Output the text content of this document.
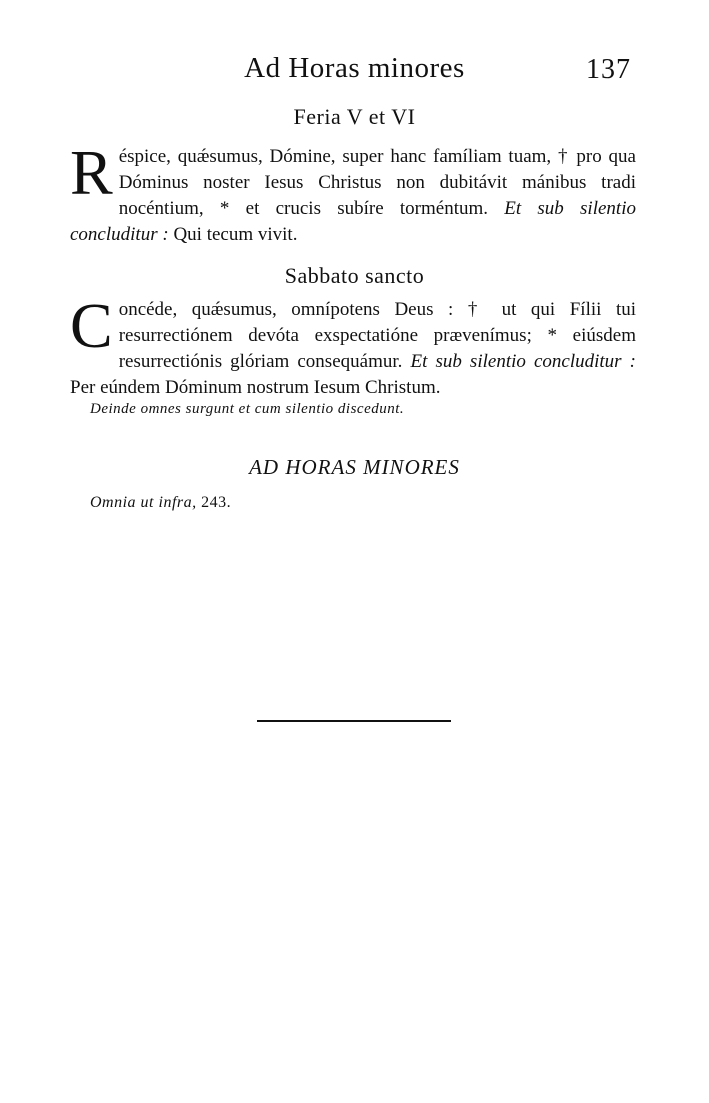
Ad Horas minores	137
Feria V et VI
Réspice, quǽsumus, Dómine, super hanc famíliam tuam, † pro qua Dóminus noster Iesus Christus non dubitávit mánibus tradi nocéntium, * et crucis subíre torméntum. Et sub silentio concluditur : Qui tecum vivit.
Sabbato sancto
Concéde, quǽsumus, omnípotens Deus : † ut qui Fílii tui resurrectiónem devóta exspectatióne prævenímus; * eiúsdem resurrectiónis glóriam consequámur. Et sub silentio concluditur : Per eúndem Dóminum nostrum Iesum Christum.
Deinde omnes surgunt et cum silentio discedunt.
AD HORAS MINORES
Omnia ut infra, 243.
